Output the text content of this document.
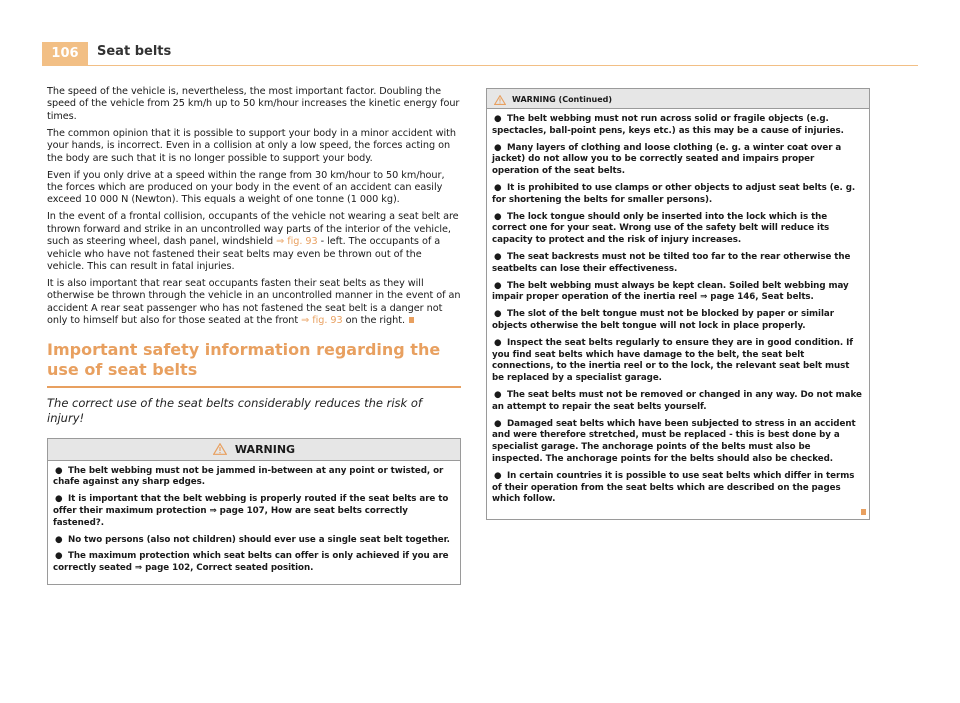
106	Seat belts

The speed of the vehicle is, nevertheless, the most important factor. Doubling the speed of the vehicle from 25 km/h up to 50 km/hour increases the kinetic energy four times.

The common opinion that it is possible to support your body in a minor accident with your hands, is incorrect. Even in a collision at only a low speed, the forces acting on the body are such that it is no longer possible to support your body.

Even if you only drive at a speed within the range from 30 km/hour to 50 km/hour, the forces which are produced on your body in the event of an accident can easily exceed 10 000 N (Newton). This equals a weight of one tonne (1 000 kg).

In the event of a frontal collision, occupants of the vehicle not wearing a seat belt are thrown forward and strike in an uncontrolled way parts of the interior of the vehicle, such as steering wheel, dash panel, windshield ⇒ fig. 93 - left. The occupants of a vehicle who have not fastened their seat belts may even be thrown out of the vehicle. This can result in fatal injuries.

It is also important that rear seat occupants fasten their seat belts as they will otherwise be thrown through the vehicle in an uncontrolled manner in the event of an accident A rear seat passenger who has not fastened the seat belt is a danger not only to himself but also for those seated at the front ⇒ fig. 93 on the right.

Important safety information regarding the use of seat belts

The correct use of the seat belts considerably reduces the risk of injury!

WARNING
● The belt webbing must not be jammed in-between at any point or twisted, or chafe against any sharp edges.
● It is important that the belt webbing is properly routed if the seat belts are to offer their maximum protection ⇒ page 107, How are seat belts correctly fastened?.
● No two persons (also not children) should ever use a single seat belt together.
● The maximum protection which seat belts can offer is only achieved if you are correctly seated ⇒ page 102, Correct seated position.
WARNING (Continued)
● The belt webbing must not run across solid or fragile objects (e.g. spectacles, ball-point pens, keys etc.) as this may be a cause of injuries.
● Many layers of clothing and loose clothing (e. g. a winter coat over a jacket) do not allow you to be correctly seated and impairs proper operation of the seat belts.
● It is prohibited to use clamps or other objects to adjust seat belts (e. g. for shortening the belts for smaller persons).
● The lock tongue should only be inserted into the lock which is the correct one for your seat. Wrong use of the safety belt will reduce its capacity to protect and the risk of injury increases.
● The seat backrests must not be tilted too far to the rear otherwise the seatbelts can lose their effectiveness.
● The belt webbing must always be kept clean. Soiled belt webbing may impair proper operation of the inertia reel ⇒ page 146, Seat belts.
● The slot of the belt tongue must not be blocked by paper or similar objects otherwise the belt tongue will not lock in place properly.
● Inspect the seat belts regularly to ensure they are in good condition. If you find seat belts which have damage to the belt, the seat belt connections, to the inertia reel or to the lock, the relevant seat belt must be replaced by a specialist garage.
● The seat belts must not be removed or changed in any way. Do not make an attempt to repair the seat belts yourself.
● Damaged seat belts which have been subjected to stress in an accident and were therefore stretched, must be replaced - this is best done by a specialist garage. The anchorage points of the belts must also be inspected. The anchorage points for the belts should also be checked.
● In certain countries it is possible to use seat belts which differ in terms of their operation from the seat belts which are described on the pages which follow.
